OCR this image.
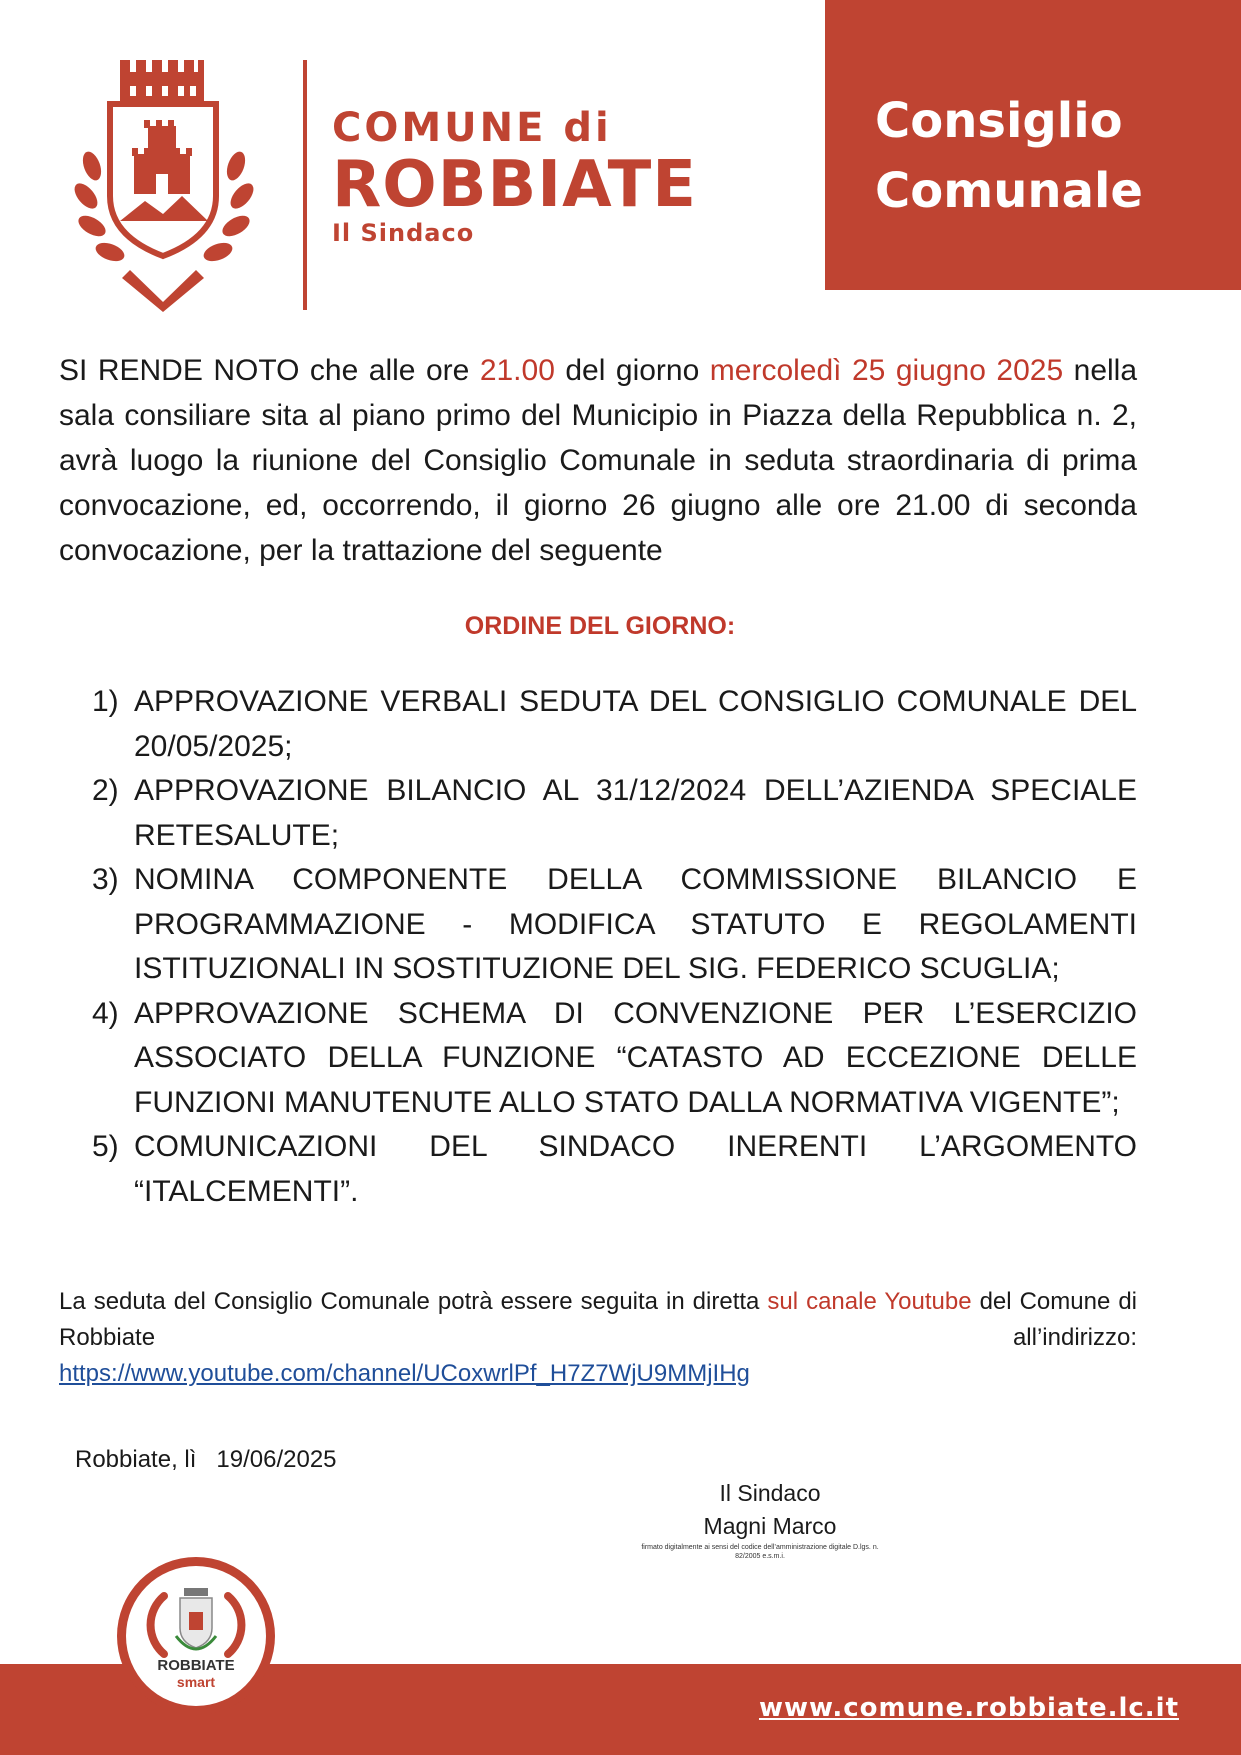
COMUNE di
ROBBIATE
Il Sindaco
Consiglio
Comunale
SI RENDE NOTO che alle ore 21.00 del giorno mercoledì 25 giugno 2025 nella sala consiliare sita al piano primo del Municipio in Piazza della Repubblica n. 2, avrà luogo la riunione del Consiglio Comunale in seduta straordinaria di prima convocazione, ed, occorrendo, il giorno 26 giugno alle ore 21.00 di seconda convocazione, per la trattazione del seguente
ORDINE DEL GIORNO:
1) APPROVAZIONE VERBALI SEDUTA DEL CONSIGLIO COMUNALE DEL 20/05/2025;
2) APPROVAZIONE BILANCIO AL 31/12/2024 DELL’AZIENDA SPECIALE RETESALUTE;
3) NOMINA COMPONENTE DELLA COMMISSIONE BILANCIO E PROGRAMMAZIONE - MODIFICA STATUTO E REGOLAMENTI ISTITUZIONALI IN SOSTITUZIONE DEL SIG. FEDERICO SCUGLIA;
4) APPROVAZIONE SCHEMA DI CONVENZIONE PER L’ESERCIZIO ASSOCIATO DELLA FUNZIONE “CATASTO AD ECCEZIONE DELLE FUNZIONI MANUTENUTE ALLO STATO DALLA NORMATIVA VIGENTE”;
5) COMUNICAZIONI DEL SINDACO INERENTI L’ARGOMENTO “ITALCEMENTI”.
La seduta del Consiglio Comunale potrà essere seguita in diretta sul canale Youtube del Comune di Robbiate all’indirizzo:
https://www.youtube.com/channel/UCoxwrlPf_H7Z7WjU9MMjIHg
Robbiate, lì 19/06/2025
Il Sindaco
Magni Marco
firmato digitalmente ai sensi del codice dell’amministrazione digitale D.lgs. n. 82/2005 e.s.m.i.
ROBBIATE
smart
www.comune.robbiate.lc.it
